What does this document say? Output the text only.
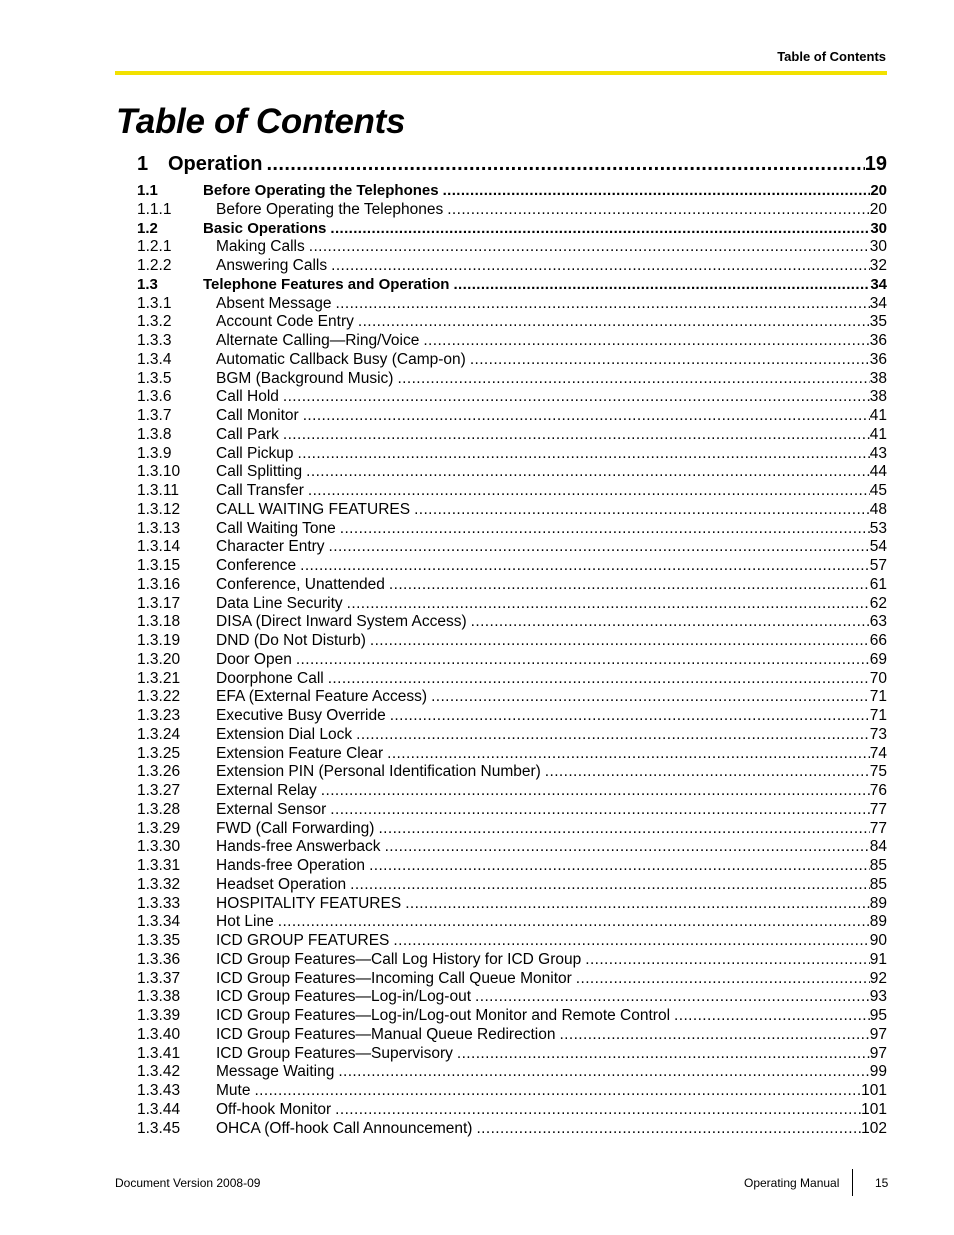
Table of Contents
Table of Contents
1 Operation .....	19
1.1	Before Operating the Telephones .....	20
1.1.1	Before Operating the Telephones .....	20
1.2	Basic Operations .....	30
1.2.1	Making Calls .....	30
1.2.2	Answering Calls .....	32
1.3	Telephone Features and Operation .....	34
1.3.1	Absent Message .....	34
1.3.2	Account Code Entry .....	35
1.3.3	Alternate Calling—Ring/Voice .....	36
1.3.4	Automatic Callback Busy (Camp-on) .....	36
1.3.5	BGM (Background Music) .....	38
1.3.6	Call Hold .....	38
1.3.7	Call Monitor .....	41
1.3.8	Call Park .....	41
1.3.9	Call Pickup .....	43
1.3.10	Call Splitting .....	44
1.3.11	Call Transfer .....	45
1.3.12	CALL WAITING FEATURES .....	48
1.3.13	Call Waiting Tone .....	53
1.3.14	Character Entry .....	54
1.3.15	Conference .....	57
1.3.16	Conference, Unattended .....	61
1.3.17	Data Line Security .....	62
1.3.18	DISA (Direct Inward System Access) .....	63
1.3.19	DND (Do Not Disturb) .....	66
1.3.20	Door Open .....	69
1.3.21	Doorphone Call .....	70
1.3.22	EFA (External Feature Access) .....	71
1.3.23	Executive Busy Override .....	71
1.3.24	Extension Dial Lock .....	73
1.3.25	Extension Feature Clear .....	74
1.3.26	Extension PIN (Personal Identification Number) .....	75
1.3.27	External Relay .....	76
1.3.28	External Sensor .....	77
1.3.29	FWD (Call Forwarding) .....	77
1.3.30	Hands-free Answerback .....	84
1.3.31	Hands-free Operation .....	85
1.3.32	Headset Operation .....	85
1.3.33	HOSPITALITY FEATURES .....	89
1.3.34	Hot Line .....	89
1.3.35	ICD GROUP FEATURES .....	90
1.3.36	ICD Group Features—Call Log History for ICD Group .....	91
1.3.37	ICD Group Features—Incoming Call Queue Monitor .....	92
1.3.38	ICD Group Features—Log-in/Log-out .....	93
1.3.39	ICD Group Features—Log-in/Log-out Monitor and Remote Control .....	95
1.3.40	ICD Group Features—Manual Queue Redirection .....	97
1.3.41	ICD Group Features—Supervisory .....	97
1.3.42	Message Waiting .....	99
1.3.43	Mute .....	101
1.3.44	Off-hook Monitor .....	101
1.3.45	OHCA (Off-hook Call Announcement) .....	102
Document Version 2008-09	Operating Manual	15
